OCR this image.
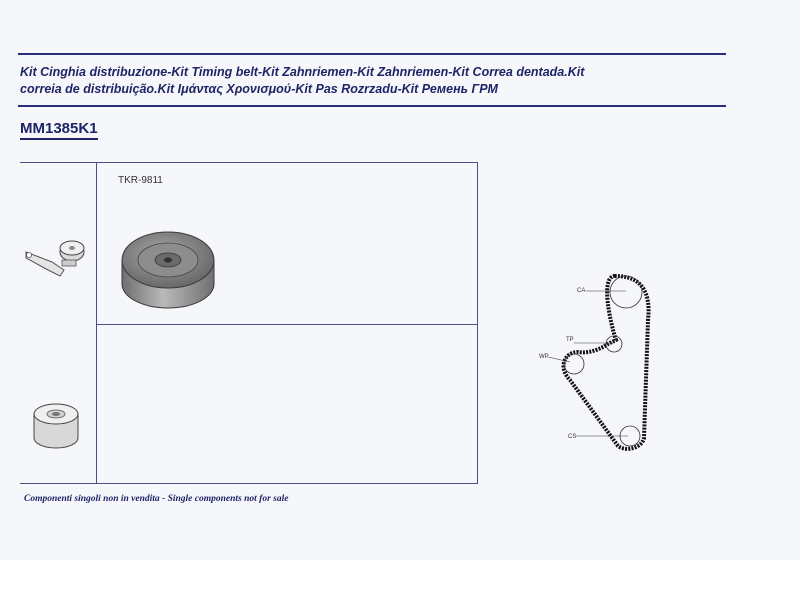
Kit Cinghia distribuzione-Kit Timing belt-Kit Zahnriemen-Kit Zahnriemen-Kit Correa dentada.Kit
correia de distribuição.Kit Ιμάντας Χρονισμού-Kit Pas Rozrzadu-Kit Ремень ГРМ
MM1385K1
TKR-9811
CA
TP
WP
CS
Componenti singoli non in vendita - Single components not for sale
